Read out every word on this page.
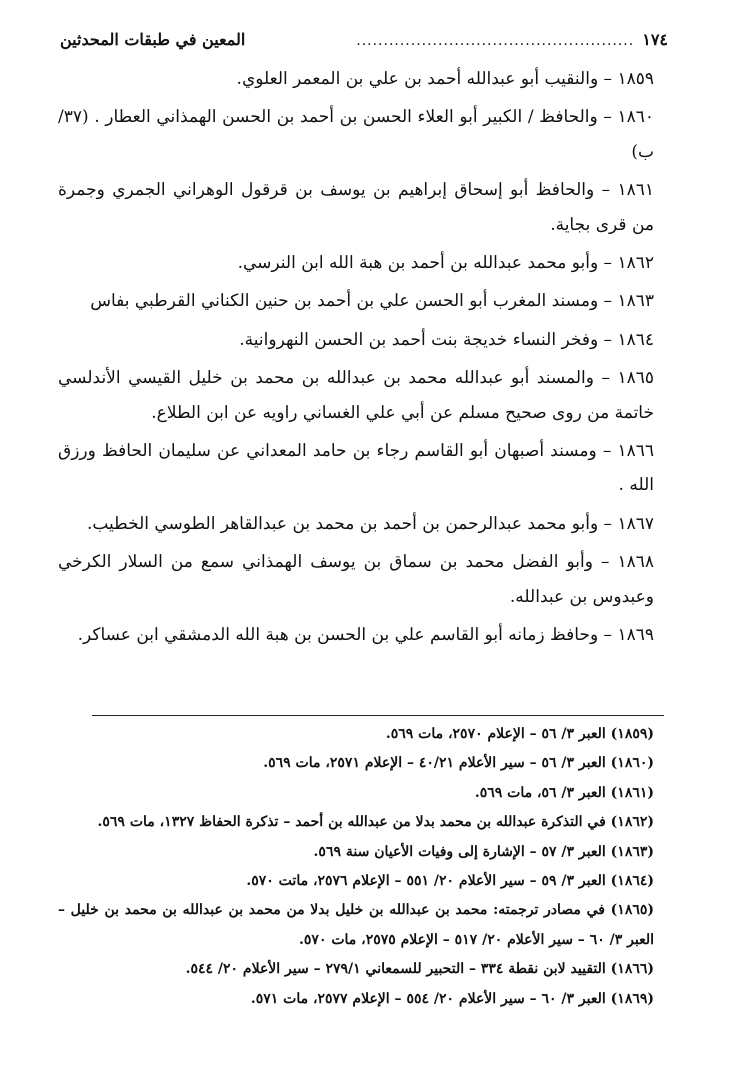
١٧٤
...................................................
المعين في طبقات المحدثين

١٨٥٩ – والنقيب أبو عبدالله أحمد بن علي بن المعمر العلوي.

١٨٦٠ – والحافظ / الكبير أبو العلاء الحسن بن أحمد بن الحسن الهمذاني العطار . (٣٧/ب)

١٨٦١ – والحافظ أبو إسحاق إبراهيم بن يوسف بن قرقول الوهراني الجمري وجمرة من قرى بجاية.

١٨٦٢ – وأبو محمد عبدالله بن أحمد بن هبة الله ابن النرسي.

١٨٦٣ – ومسند المغرب أبو الحسن علي بن أحمد بن حنين الكناني القرطبي بفاس

١٨٦٤ – وفخر النساء خديجة بنت أحمد بن الحسن النهروانية.

١٨٦٥ – والمسند أبو عبدالله محمد بن عبدالله بن محمد بن خليل القيسي الأندلسي خاتمة من روى صحيح مسلم عن أبي علي الغساني راويه عن ابن الطلاع.

١٨٦٦ – ومسند أصبهان أبو القاسم رجاء بن حامد المعداني عن سليمان الحافظ ورزق الله .

١٨٦٧ – وأبو محمد عبدالرحمن بن أحمد بن محمد بن عبدالقاهر الطوسي الخطيب.

١٨٦٨ – وأبو الفضل محمد بن سماق بن يوسف الهمذاني سمع من السلار الكرخي وعبدوس بن عبدالله.

١٨٦٩ – وحافظ زمانه أبو القاسم علي بن الحسن بن هبة الله الدمشقي ابن عساكر.

(١٨٥٩) العبر ٣/ ٥٦ – الإعلام ٢٥٧٠، مات ٥٦٩.

(١٨٦٠) العبر ٣/ ٥٦ – سير الأعلام ٤٠/٢١ – الإعلام ٢٥٧١، مات ٥٦٩.

(١٨٦١) العبر ٣/ ٥٦، مات ٥٦٩.

(١٨٦٢) في التذكرة عبدالله بن محمد بدلا من عبدالله بن أحمد – تذكرة الحفاظ ١٣٢٧، مات ٥٦٩.

(١٨٦٣) العبر ٣/ ٥٧ – الإشارة إلى وفيات الأعيان سنة ٥٦٩.

(١٨٦٤) العبر ٣/ ٥٩ – سير الأعلام ٢٠/ ٥٥١ – الإعلام ٢٥٧٦، ماتت ٥٧٠.

(١٨٦٥) في مصادر ترجمته: محمد بن عبدالله بن خليل بدلا من محمد بن عبدالله بن محمد بن خليل – العبر ٣/ ٦٠ – سير الأعلام ٢٠/ ٥١٧ – الإعلام ٢٥٧٥، مات ٥٧٠.

(١٨٦٦) التقييد لابن نقطة ٣٣٤ – التحبير للسمعاني ٢٧٩/١ – سير الأعلام ٢٠/ ٥٤٤.

(١٨٦٩) العبر ٣/ ٦٠ – سير الأعلام ٢٠/ ٥٥٤ – الإعلام ٢٥٧٧، مات ٥٧١.
